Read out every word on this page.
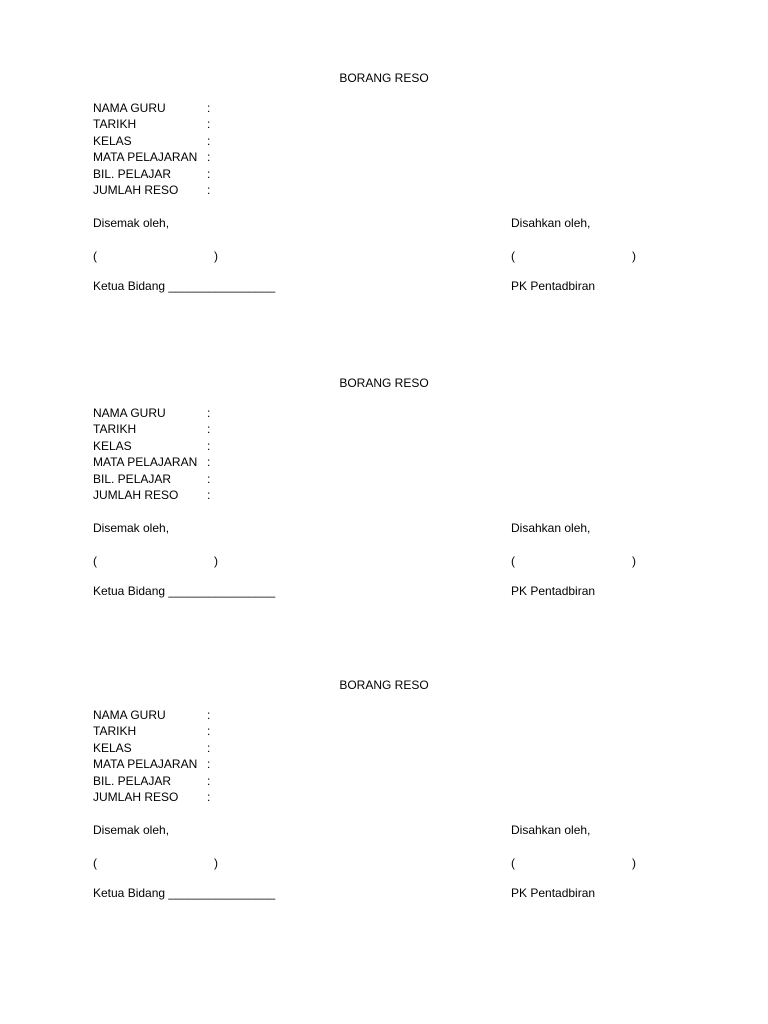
BORANG RESO
NAMA GURU	:
TARIKH	:
KELAS	:
MATA PELAJARAN :
BIL. PELAJAR	:
JUMLAH RESO :
Disemak oleh,	Disahkan oleh,
(	)	(	)
Ketua Bidang ________________	PK Pentadbiran
BORANG RESO
NAMA GURU	:
TARIKH	:
KELAS	:
MATA PELAJARAN :
BIL. PELAJAR	:
JUMLAH RESO :
Disemak oleh,	Disahkan oleh,
(	)	(	)
Ketua Bidang ________________	PK Pentadbiran
BORANG RESO
NAMA GURU	:
TARIKH	:
KELAS	:
MATA PELAJARAN :
BIL. PELAJAR	:
JUMLAH RESO :
Disemak oleh,	Disahkan oleh,
(	)	(	)
Ketua Bidang ________________	PK Pentadbiran
